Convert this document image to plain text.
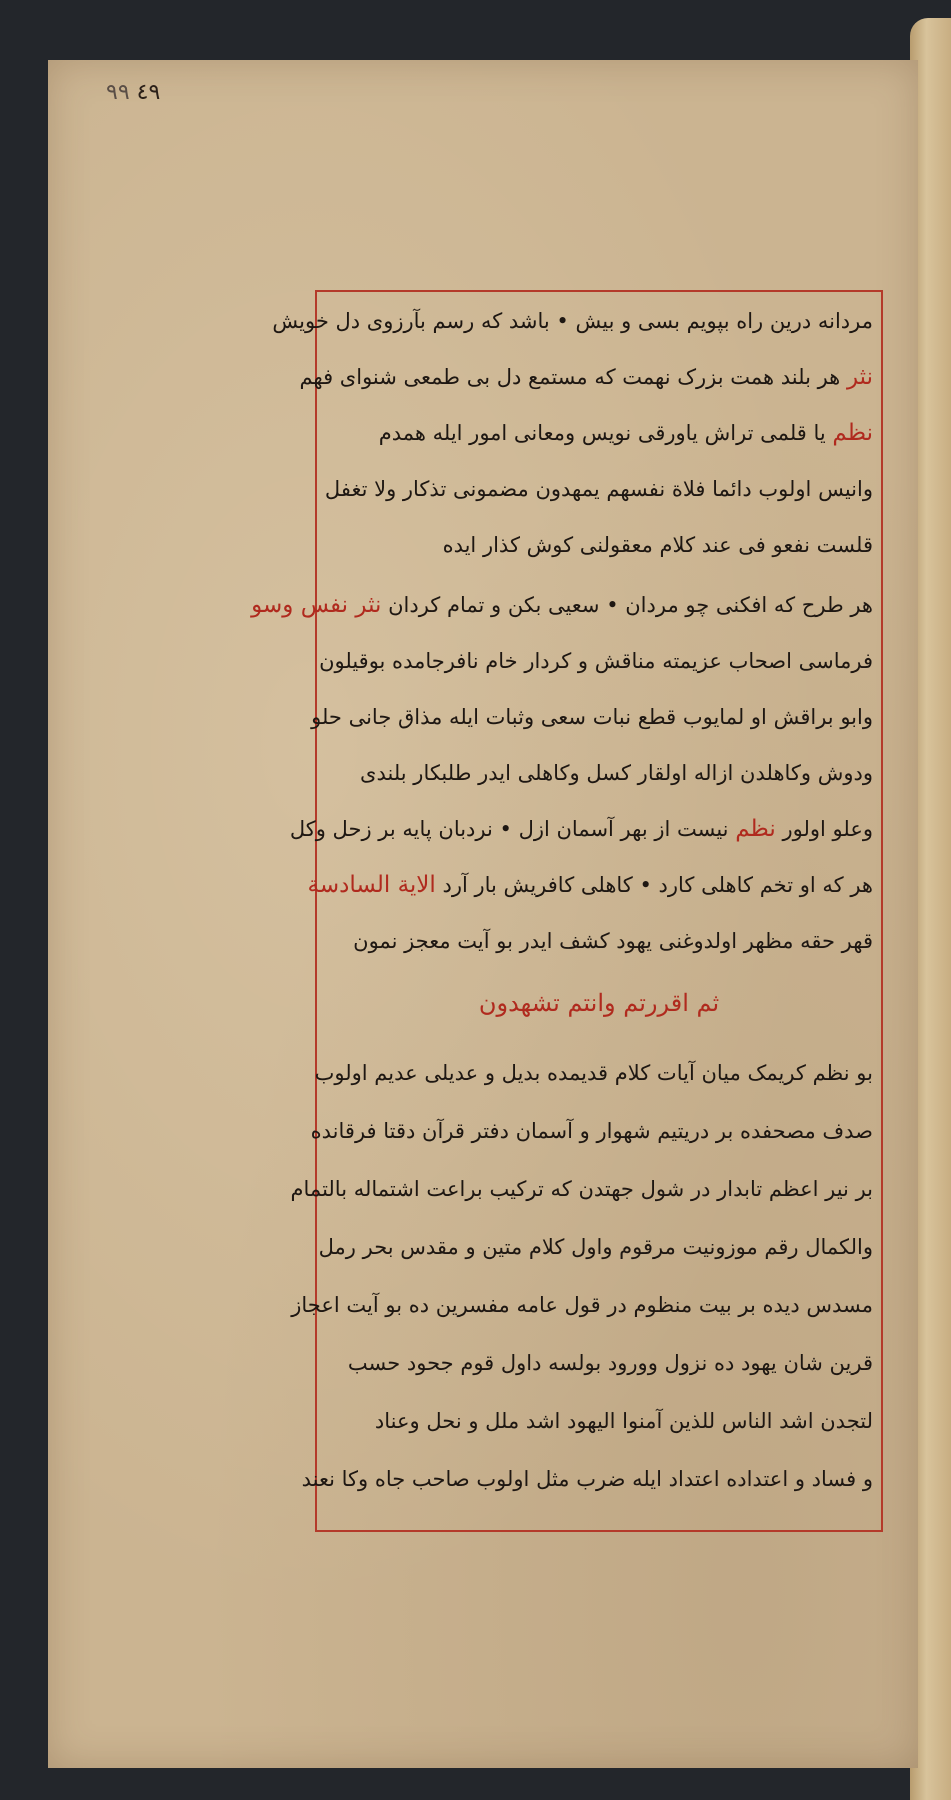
٤٩ ٩٩
مردانه درین راه بپویم بسی و بیش • باشد که رسم بآرزوی دل خویش
نثر هر بلند همت بزرک نهمت که مستمع دل بی طمعی شنوای فهم
نظم یا قلمی تراش یاورقی نویس ومعانی امور ایله همدم
وانیس اولوب دائما فلاة نفسهم یمهدون مضمونی تذکار ولا تغفل
قلست نفعو فی عند کلام معقولنی کوش کذار ایده
هر طرح که افکنی چو مردان • سعیی بکن و تمام کردان نثر نفس وسو
فرماسی اصحاب عزیمته مناقش و کردار خام نافرجامده بوقیلون
وابو براقش او لمایوب قطع نبات سعی وثبات ایله مذاق جانی حلو
ودوش وکاهلدن ازاله اولقار کسل وکاهلی ایدر طلبکار بلندی
وعلو اولور نظم نیست از بهر آسمان ازل • نردبان پایه بر زحل وکل
هر که او تخم کاهلی کارد • کاهلی کافریش بار آرد الاية السادسة
قهر حقه مظهر اولدوغنی یهود کشف ایدر بو آیت معجز نمون
ثم اقررتم وانتم تشهدون
بو نظم کریمک میان آیات کلام قدیمده بدیل و عدیلی عدیم اولوب
صدف مصحفده بر دریتیم شهوار و آسمان دفتر قرآن دقتا فرقانده
بر نیر اعظم تابدار در شول جهتدن که ترکیب براعت اشتماله بالتمام
والکمال رقم موزونیت مرقوم واول کلام متین و مقدس بحر رمل
مسدس دیده بر بیت منظوم در قول عامه مفسرین ده بو آیت اعجاز
قرین شان یهود ده نزول وورود بولسه داول قوم جحود حسب
لتجدن اشد الناس للذین آمنوا الیهود اشد ملل و نحل وعناد
و فساد و اعتداده اعتداد ایله ضرب مثل اولوب صاحب جاه وکا نعند
